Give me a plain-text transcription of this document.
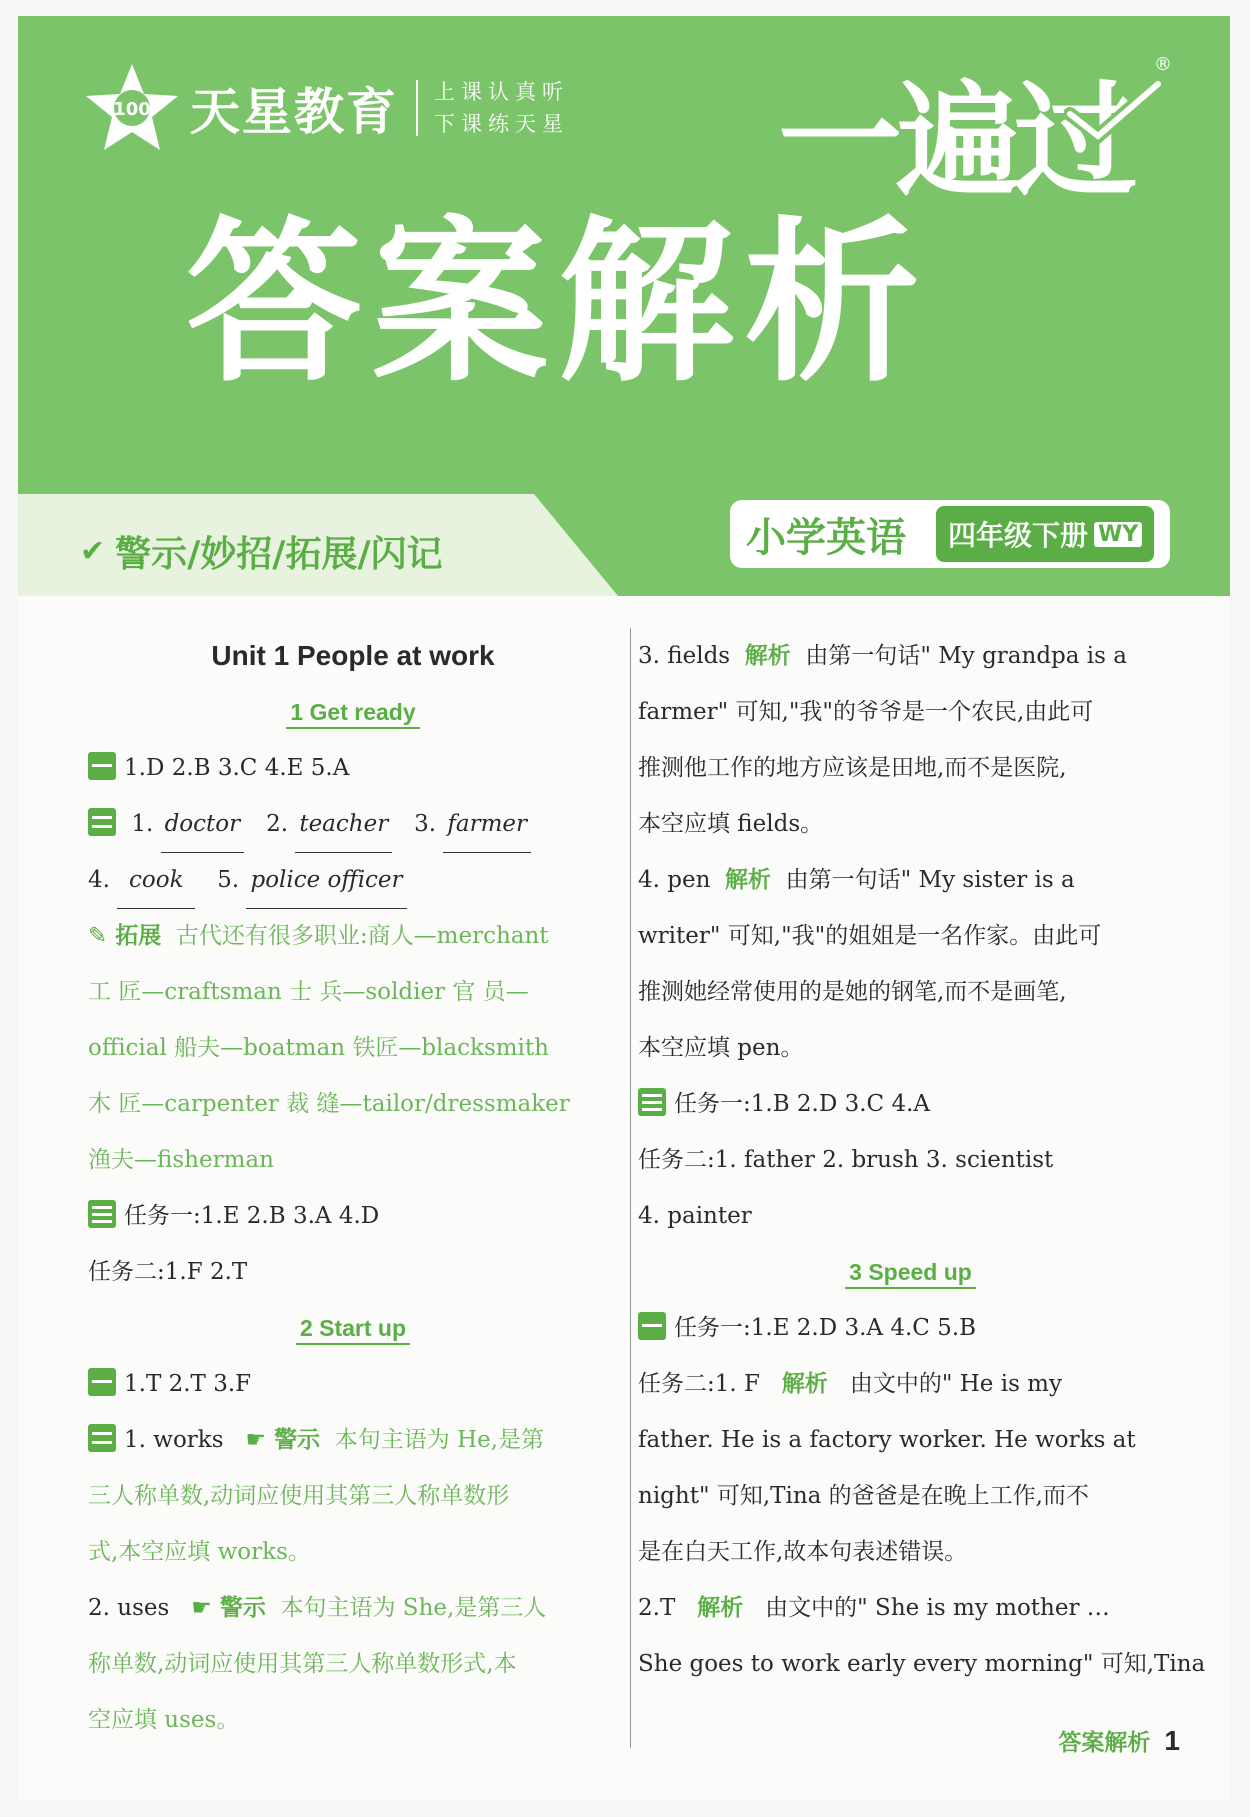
100 天星教育 上课认真听
下课练天星 一遍过
®
答案解析
✔ 警示/妙招/拓展/闪记	小学英语	四年级下册 WY
Unit 1 People at work
1 Get ready
1.D 2.B 3.C 4.E 5.A
1. doctor 2. teacher 3. farmer
4. cook 5. police officer
✎ 拓展 古代还有很多职业:商人—merchant
工 匠—craftsman 士 兵—soldier 官 员—
official 船夫—boatman 铁匠—blacksmith
木 匠—carpenter 裁 缝—tailor/dressmaker
渔夫—fisherman
任务一:1.E 2.B 3.A 4.D
任务二:1.F 2.T
2 Start up
1.T 2.T 3.F
1. works ☛ 警示 本句主语为 He,是第
三人称单数,动词应使用其第三人称单数形
式,本空应填 works。
2. uses ☛ 警示 本句主语为 She,是第三人
称单数,动词应使用其第三人称单数形式,本
空应填 uses。
3. fields 解析 由第一句话" My grandpa is a
farmer" 可知,"我"的爷爷是一个农民,由此可
推测他工作的地方应该是田地,而不是医院,
本空应填 fields。
4. pen 解析 由第一句话" My sister is a
writer" 可知,"我"的姐姐是一名作家。由此可
推测她经常使用的是她的钢笔,而不是画笔,
本空应填 pen。
任务一:1.B 2.D 3.C 4.A
任务二:1. father 2. brush 3. scientist
4. painter
3 Speed up
任务一:1.E 2.D 3.A 4.C 5.B
任务二:1. F 解析 由文中的" He is my
father. He is a factory worker. He works at
night" 可知,Tina 的爸爸是在晚上工作,而不
是在白天工作,故本句表述错误。
2.T 解析 由文中的" She is my mother …
She goes to work early every morning" 可知,Tina
答案解析 1
